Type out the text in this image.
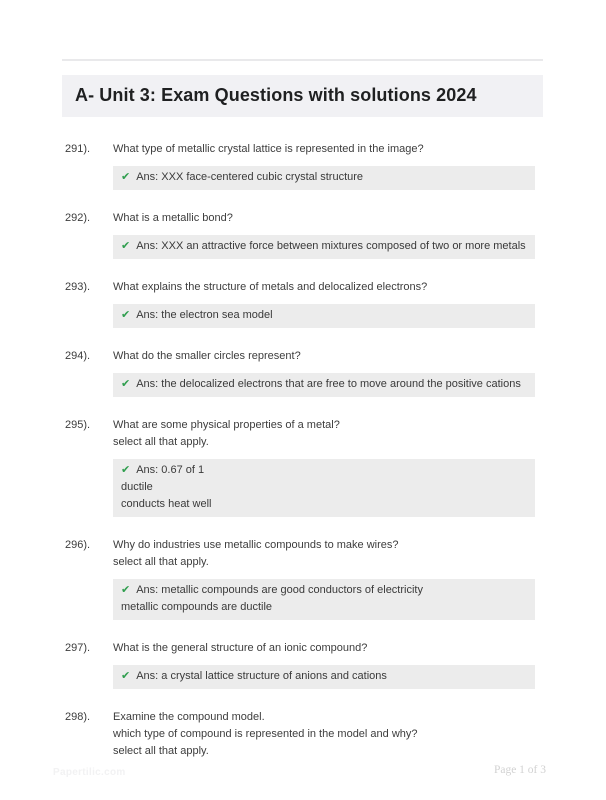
A- Unit 3: Exam Questions with solutions 2024
291).	What type of metallic crystal lattice is represented in the image?
✔ Ans: XXX face-centered cubic crystal structure
292).	What is a metallic bond?
✔ Ans: XXX an attractive force between mixtures composed of two or more metals
293).	What explains the structure of metals and delocalized electrons?
✔ Ans: the electron sea model
294).	What do the smaller circles represent?
✔ Ans: the delocalized electrons that are free to move around the positive cations
295).	What are some physical properties of a metal?
select all that apply.
✔ Ans: 0.67 of 1
ductile
conducts heat well
296).	Why do industries use metallic compounds to make wires?
select all that apply.
✔ Ans: metallic compounds are good conductors of electricity
metallic compounds are ductile
297).	What is the general structure of an ionic compound?
✔ Ans: a crystal lattice structure of anions and cations
298).	Examine the compound model.
which type of compound is represented in the model and why?
select all that apply.
Papertilic.com	Page 1 of 3
